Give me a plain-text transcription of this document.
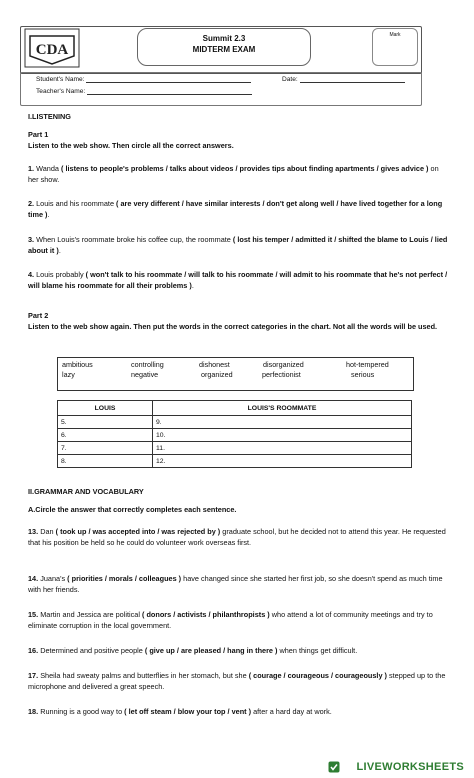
CDA
Summit 2.3
MIDTERM EXAM
Mark
Student's Name:	Date:
Teacher's Name:
I.LISTENING
Part 1
Listen to the web show. Then circle all the correct answers.
1. Wanda ( listens to people's problems / talks about videos / provides tips about finding apartments / gives advice ) on her show.
2. Louis and his roommate ( are very different / have similar interests / don't get along well / have lived together for a long time ).
3. When Louis's roommate broke his coffee cup, the roommate ( lost his temper / admitted it / shifted the blame to Louis / lied about it ).
4. Louis probably ( won't talk to his roommate / will talk to his roommate / will admit to his roommate that he's not perfect / will blame his roommate for all their problems ).
Part 2
Listen to the web show again. Then put the words in the correct categories in the chart. Not all the words will be used.
ambitious	controlling	dishonest	disorganized	hot-tempered
lazy	negative	organized	perfectionist	serious
LOUIS	LOUIS'S ROOMMATE
5.	9.
6.	10.
7.	11.
8.	12.
II.GRAMMAR AND VOCABULARY
A.Circle the answer that correctly completes each sentence.
13. Dan ( took up / was accepted into / was rejected by ) graduate school, but he decided not to attend this year. He requested that his position be held so he could do volunteer work overseas first.
14. Juana's ( priorities / morals / colleagues ) have changed since she started her first job, so she doesn't spend as much time with her friends.
15. Martin and Jessica are political ( donors / activists / philanthropists ) who attend a lot of community meetings and try to eliminate corruption in the local government.
16. Determined and positive people ( give up / are pleased / hang in there ) when things get difficult.
17. Sheila had sweaty palms and butterflies in her stomach, but she ( courage / courageous / courageously ) stepped up to the microphone and delivered a great speech.
18. Running is a good way to ( let off steam / blow your top / vent ) after a hard day at work.
LIVEWORKSHEETS
